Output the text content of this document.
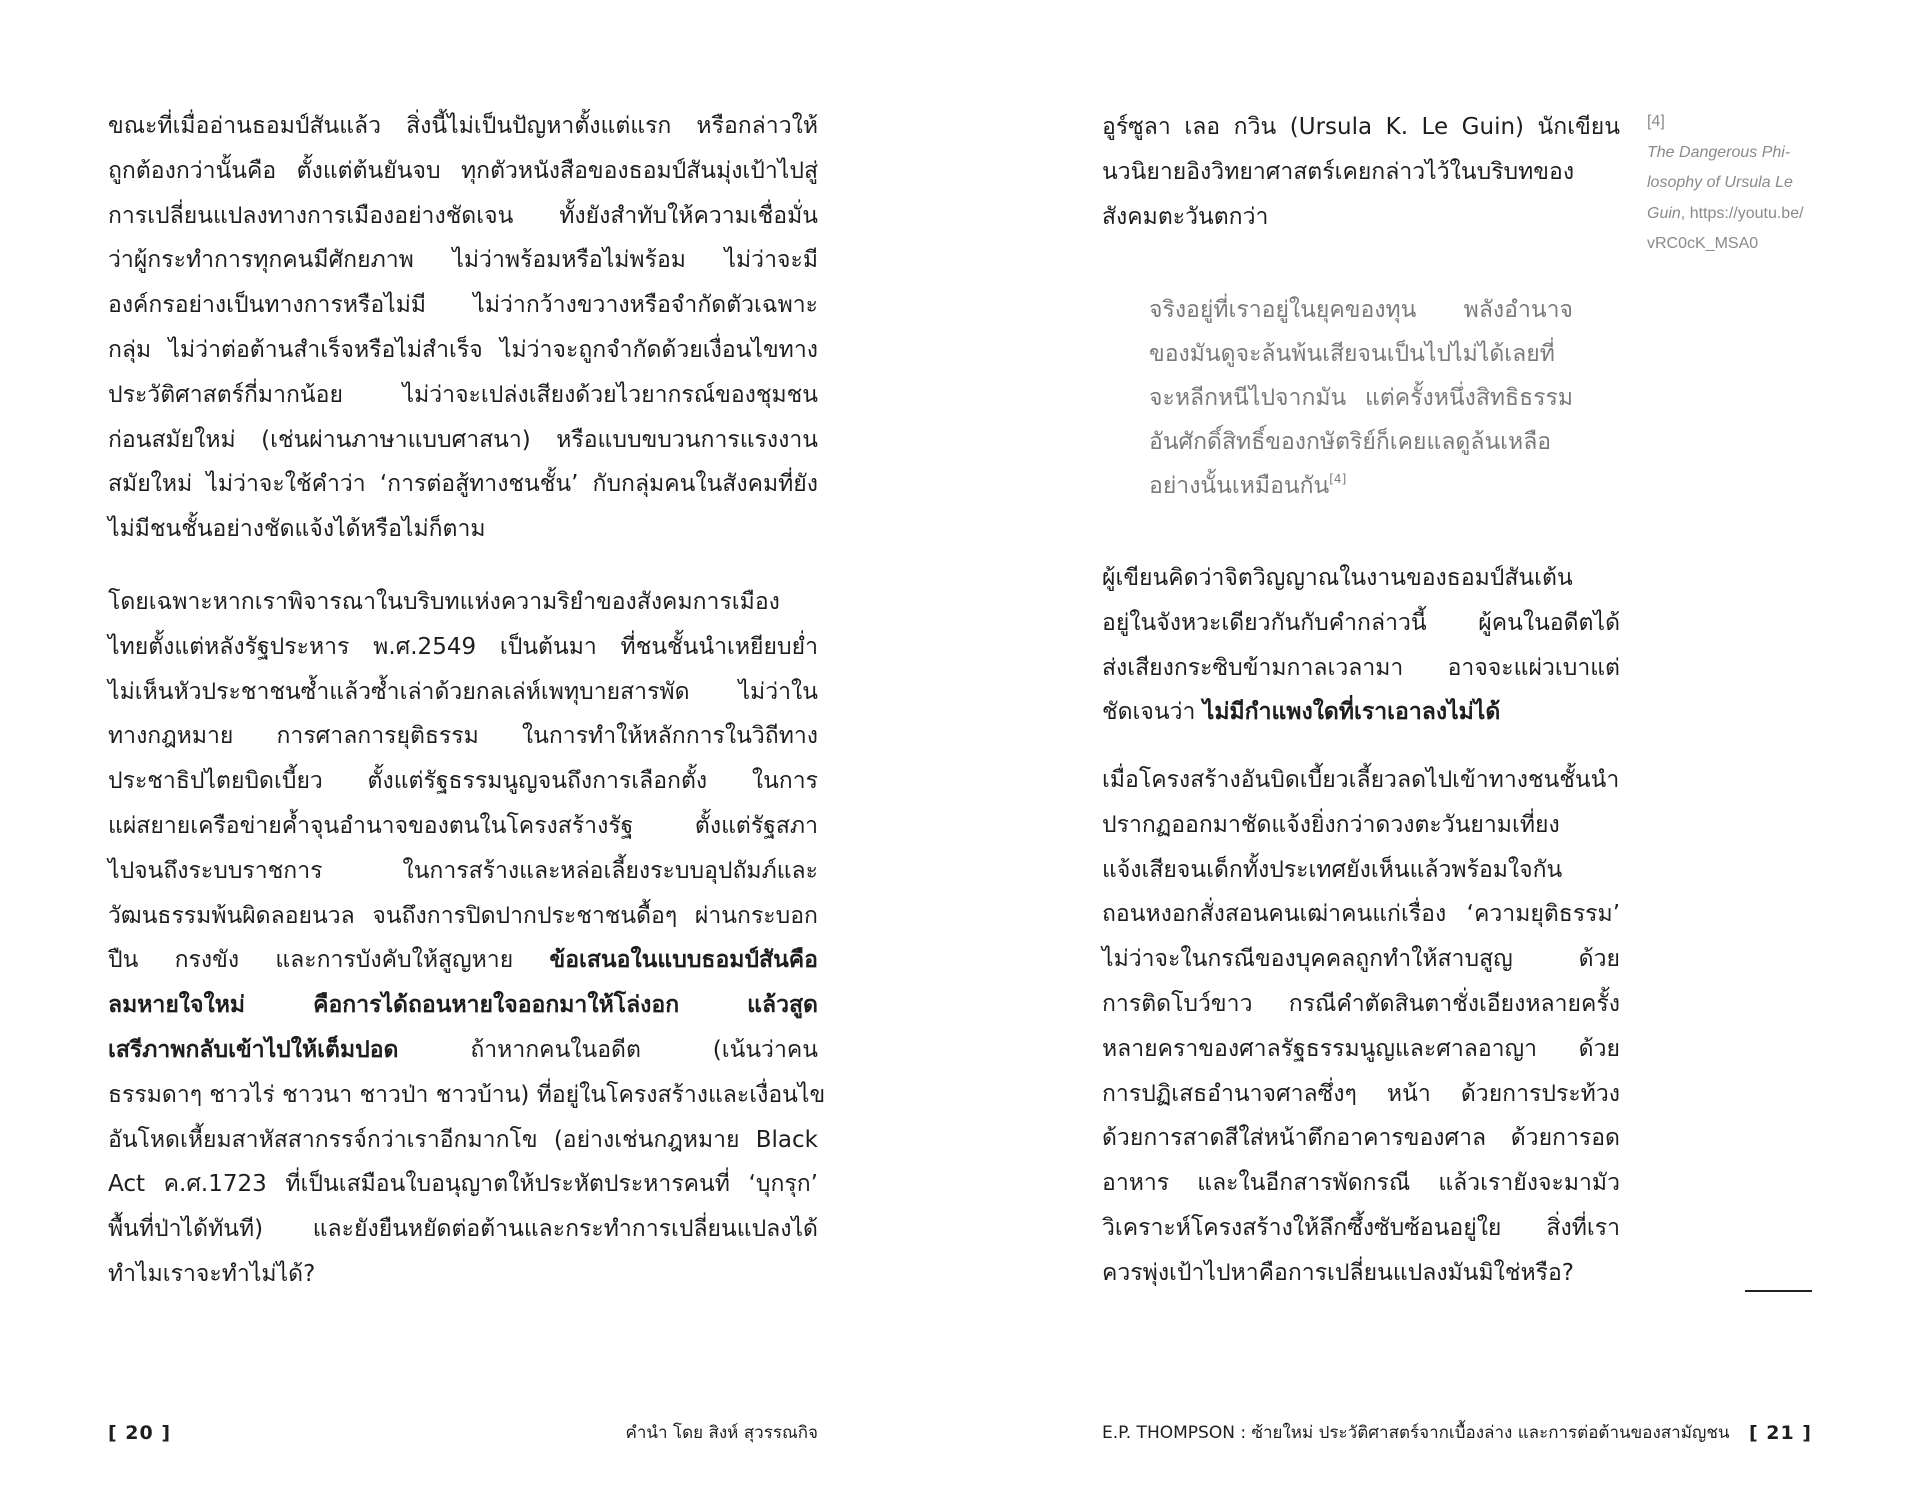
ขณะที่เมื่ออ่านธอมป์สันแล้ว สิ่งนี้ไม่เป็นปัญหาตั้งแต่แรก หรือกล่าวให้
ถูกต้องกว่านั้นคือ ตั้งแต่ต้นยันจบ ทุกตัวหนังสือของธอมป์สันมุ่งเป้าไปสู่
การเปลี่ยนแปลงทางการเมืองอย่างชัดเจน ทั้งยังสำทับให้ความเชื่อมั่น
ว่าผู้กระทำการทุกคนมีศักยภาพ ไม่ว่าพร้อมหรือไม่พร้อม ไม่ว่าจะมี
องค์กรอย่างเป็นทางการหรือไม่มี ไม่ว่ากว้างขวางหรือจำกัดตัวเฉพาะ
กลุ่ม ไม่ว่าต่อต้านสำเร็จหรือไม่สำเร็จ ไม่ว่าจะถูกจำกัดด้วยเงื่อนไขทาง
ประวัติศาสตร์กี่มากน้อย ไม่ว่าจะเปล่งเสียงด้วยไวยากรณ์ของชุมชน
ก่อนสมัยใหม่ (เช่นผ่านภาษาแบบศาสนา) หรือแบบขบวนการแรงงาน
สมัยใหม่ ไม่ว่าจะใช้คำว่า ‘การต่อสู้ทางชนชั้น’ กับกลุ่มคนในสังคมที่ยัง
ไม่มีชนชั้นอย่างชัดแจ้งได้หรือไม่ก็ตาม
โดยเฉพาะหากเราพิจารณาในบริบทแห่งความริยำของสังคมการเมือง
ไทยตั้งแต่หลังรัฐประหาร พ.ศ.2549 เป็นต้นมา ที่ชนชั้นนำเหยียบย่ำ
ไม่เห็นหัวประชาชนซ้ำแล้วซ้ำเล่าด้วยกลเล่ห์เพทุบายสารพัด ไม่ว่าใน
ทางกฎหมาย การศาลการยุติธรรม ในการทำให้หลักการในวิถีทาง
ประชาธิปไตยบิดเบี้ยว ตั้งแต่รัฐธรรมนูญจนถึงการเลือกตั้ง ในการ
แผ่สยายเครือข่ายค้ำจุนอำนาจของตนในโครงสร้างรัฐ ตั้งแต่รัฐสภา
ไปจนถึงระบบราชการ ในการสร้างและหล่อเลี้ยงระบบอุปถัมภ์และ
วัฒนธรรมพ้นผิดลอยนวล จนถึงการปิดปากประชาชนดื้อๆ ผ่านกระบอก
ปืน กรงขัง และการบังคับให้สูญหาย ข้อเสนอในแบบธอมป์สันคือ
ลมหายใจใหม่ คือการได้ถอนหายใจออกมาให้โล่งอก แล้วสูด
เสรีภาพกลับเข้าไปให้เต็มปอด ถ้าหากคนในอดีต (เน้นว่าคน
ธรรมดาๆ ชาวไร่ ชาวนา ชาวป่า ชาวบ้าน) ที่อยู่ในโครงสร้างและเงื่อนไข
อันโหดเหี้ยมสาหัสสากรรจ์กว่าเราอีกมากโข (อย่างเช่นกฎหมาย Black
Act ค.ศ.1723 ที่เป็นเสมือนใบอนุญาตให้ประหัตประหารคนที่ ‘บุกรุก’
พื้นที่ป่าได้ทันที) และยังยืนหยัดต่อต้านและกระทำการเปลี่ยนแปลงได้
ทำไมเราจะทำไม่ได้?
อูร์ซูลา เลอ กวิน (Ursula K. Le Guin) นักเขียน
นวนิยายอิงวิทยาศาสตร์เคยกล่าวไว้ในบริบทของ
สังคมตะวันตกว่า
จริงอยู่ที่เราอยู่ในยุคของทุน พลังอำนาจ
ของมันดูจะล้นพ้นเสียจนเป็นไปไม่ได้เลยที่
จะหลีกหนีไปจากมัน แต่ครั้งหนึ่งสิทธิธรรม
อันศักดิ์สิทธิ์ของกษัตริย์ก็เคยแลดูล้นเหลือ
อย่างนั้นเหมือนกัน[4]
ผู้เขียนคิดว่าจิตวิญญาณในงานของธอมป์สันเต้น
อยู่ในจังหวะเดียวกันกับคำกล่าวนี้ ผู้คนในอดีตได้
ส่งเสียงกระซิบข้ามกาลเวลามา อาจจะแผ่วเบาแต่
ชัดเจนว่า ไม่มีกำแพงใดที่เราเอาลงไม่ได้
เมื่อโครงสร้างอันบิดเบี้ยวเลี้ยวลดไปเข้าทางชนชั้นนำ
ปรากฏออกมาชัดแจ้งยิ่งกว่าดวงตะวันยามเที่ยง
แจ้งเสียจนเด็กทั้งประเทศยังเห็นแล้วพร้อมใจกัน
ถอนหงอกสั่งสอนคนเฒ่าคนแก่เรื่อง ‘ความยุติธรรม’
ไม่ว่าจะในกรณีของบุคคลถูกทำให้สาบสูญ ด้วย
การติดโบว์ขาว กรณีคำตัดสินตาชั่งเอียงหลายครั้ง
หลายคราของศาลรัฐธรรมนูญและศาลอาญา ด้วย
การปฏิเสธอำนาจศาลซึ่งๆ หน้า ด้วยการประท้วง
ด้วยการสาดสีใส่หน้าตึกอาคารของศาล ด้วยการอด
อาหาร และในอีกสารพัดกรณี แล้วเรายังจะมามัว
วิเคราะห์โครงสร้างให้ลึกซึ้งซับซ้อนอยู่ใย สิ่งที่เรา
ควรพุ่งเป้าไปหาคือการเปลี่ยนแปลงมันมิใช่หรือ?
[4]
The Dangerous Phi-
losophy of Ursula Le
Guin, https://youtu.be/
vRC0cK_MSA0
[ 20 ]	คำนำ โดย สิงห์ สุวรรณกิจ	E.P. THOMPSON : ซ้ายใหม่ ประวัติศาสตร์จากเบื้องล่าง และการต่อต้านของสามัญชน	[ 21 ]
